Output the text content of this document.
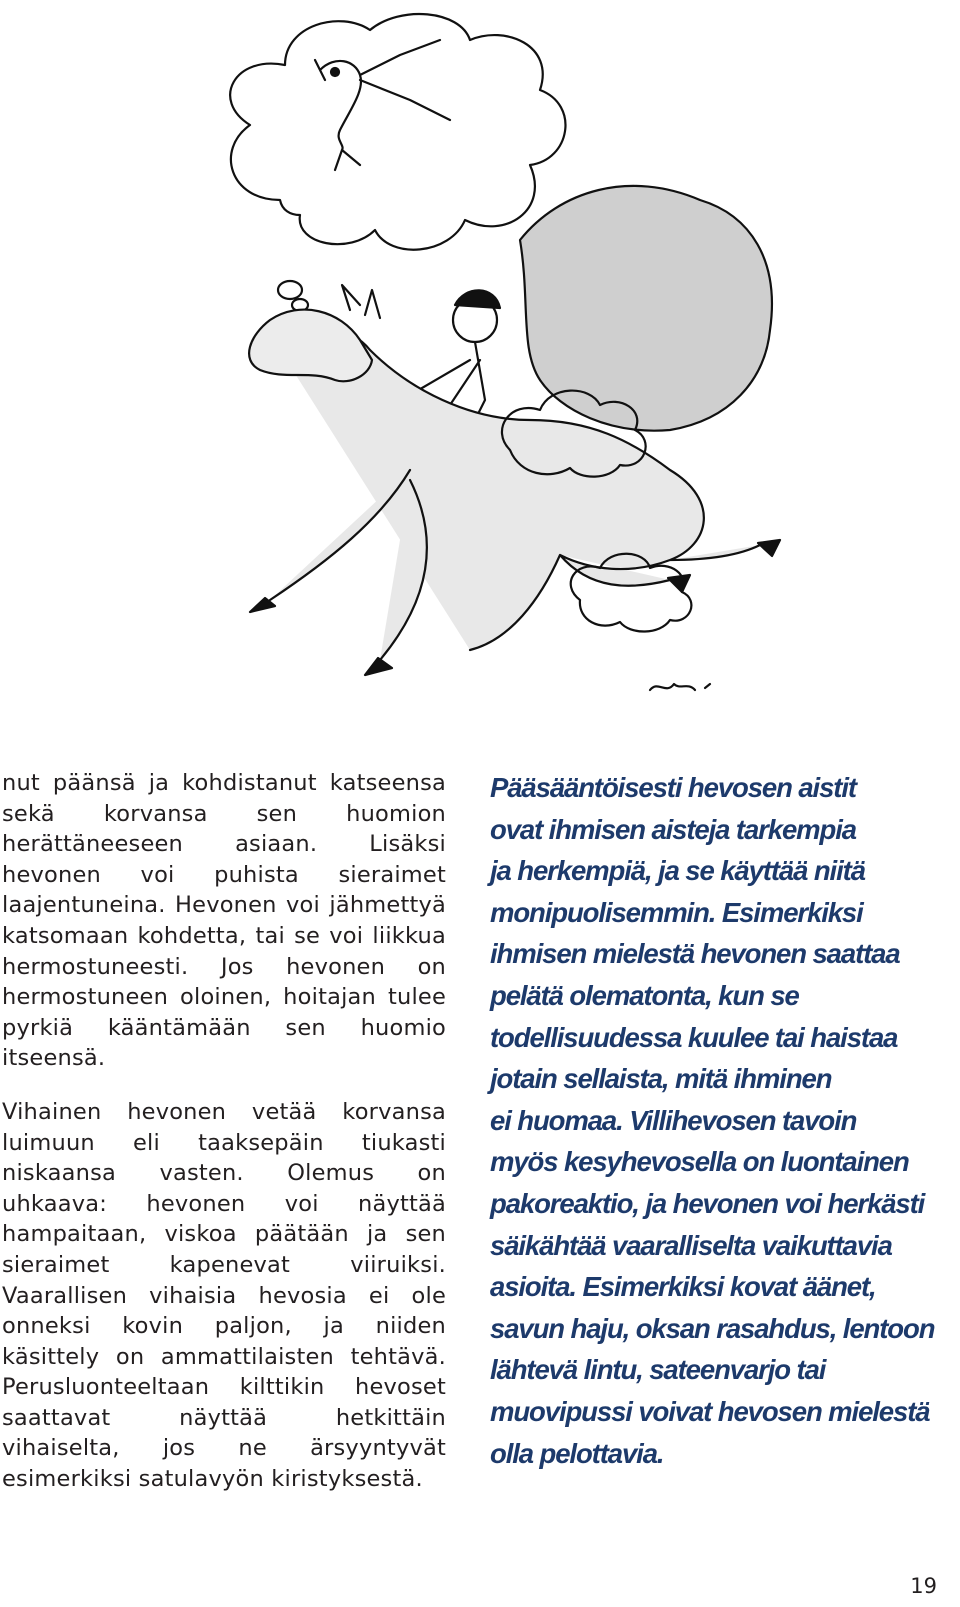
nut päänsä ja kohdistanut katseensa sekä korvansa sen huomion herättäneeseen asiaan. Lisäksi hevonen voi puhista sieraimet laajentuneina. Hevonen voi jähmettyä katsomaan kohdetta, tai se voi liikkua hermostuneesti. Jos hevonen on hermostuneen oloinen, hoitajan tulee pyrkiä kääntämään sen huomio itseensä.

Vihainen hevonen vetää korvansa luimuun eli taaksepäin tiukasti niskaansa vasten. Olemus on uhkaava: hevonen voi näyttää hampaitaan, viskoa päätään ja sen sieraimet kapenevat viiruiksi. Vaarallisen vihaisia hevosia ei ole onneksi kovin paljon, ja niiden käsittely on ammattilaisten tehtävä. Perusluonteeltaan kilttikin hevoset saattavat näyttää hetkittäin vihaiselta, jos ne ärsyyntyvät esimerkiksi satulavyön kiristyksestä.

Pääsääntöisesti hevosen aistit
ovat ihmisen aisteja tarkempia
ja herkempiä, ja se käyttää niitä
monipuolisemmin. Esimerkiksi
ihmisen mielestä hevonen saattaa
pelätä olematonta, kun se
todellisuudessa kuulee tai haistaa
jotain sellaista, mitä ihminen
ei huomaa. Villihevosen tavoin
myös kesyhevosella on luontainen
pakoreaktio, ja hevonen voi herkästi
säikähtää vaaralliselta vaikuttavia
asioita. Esimerkiksi kovat äänet,
savun haju, oksan rasahdus, lentoon
lähtevä lintu, sateenvarjo tai
muovipussi voivat hevosen mielestä
olla pelottavia.
19
